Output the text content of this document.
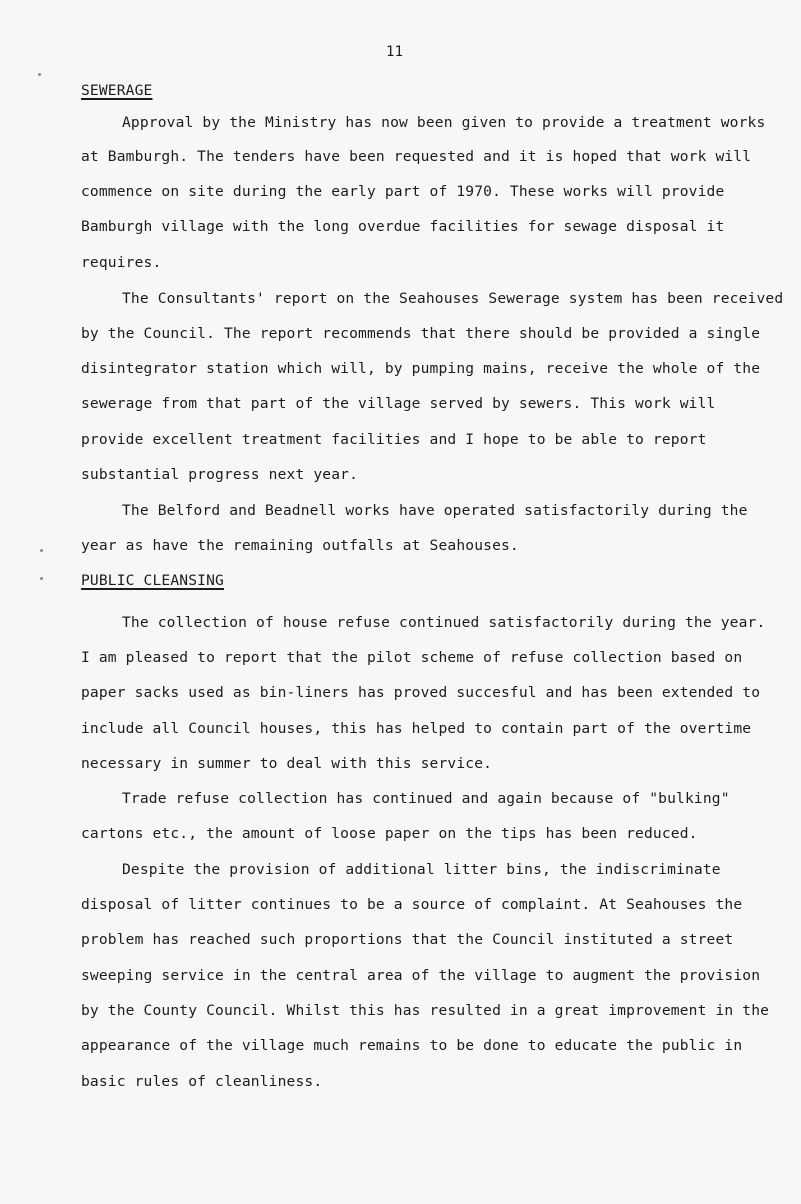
11
SEWERAGE
Approval by the Ministry has now been given to provide a treatment works
at Bamburgh. The tenders have been requested and it is hoped that work will
commence on site during the early part of 1970. These works will provide
Bamburgh village with the long overdue facilities for sewage disposal it
requires.
The Consultants' report on the Seahouses Sewerage system has been received
by the Council. The report recommends that there should be provided a single
disintegrator station which will, by pumping mains, receive the whole of the
sewerage from that part of the village served by sewers. This work will
provide excellent treatment facilities and I hope to be able to report
substantial progress next year.
The Belford and Beadnell works have operated satisfactorily during the
year as have the remaining outfalls at Seahouses.
PUBLIC CLEANSING
The collection of house refuse continued satisfactorily during the year.
I am pleased to report that the pilot scheme of refuse collection based on
paper sacks used as bin-liners has proved succesful and has been extended to
include all Council houses, this has helped to contain part of the overtime
necessary in summer to deal with this service.
Trade refuse collection has continued and again because of "bulking"
cartons etc., the amount of loose paper on the tips has been reduced.
Despite the provision of additional litter bins, the indiscriminate
disposal of litter continues to be a source of complaint. At Seahouses the
problem has reached such proportions that the Council instituted a street
sweeping service in the central area of the village to augment the provision
by the County Council. Whilst this has resulted in a great improvement in the
appearance of the village much remains to be done to educate the public in
basic rules of cleanliness.
